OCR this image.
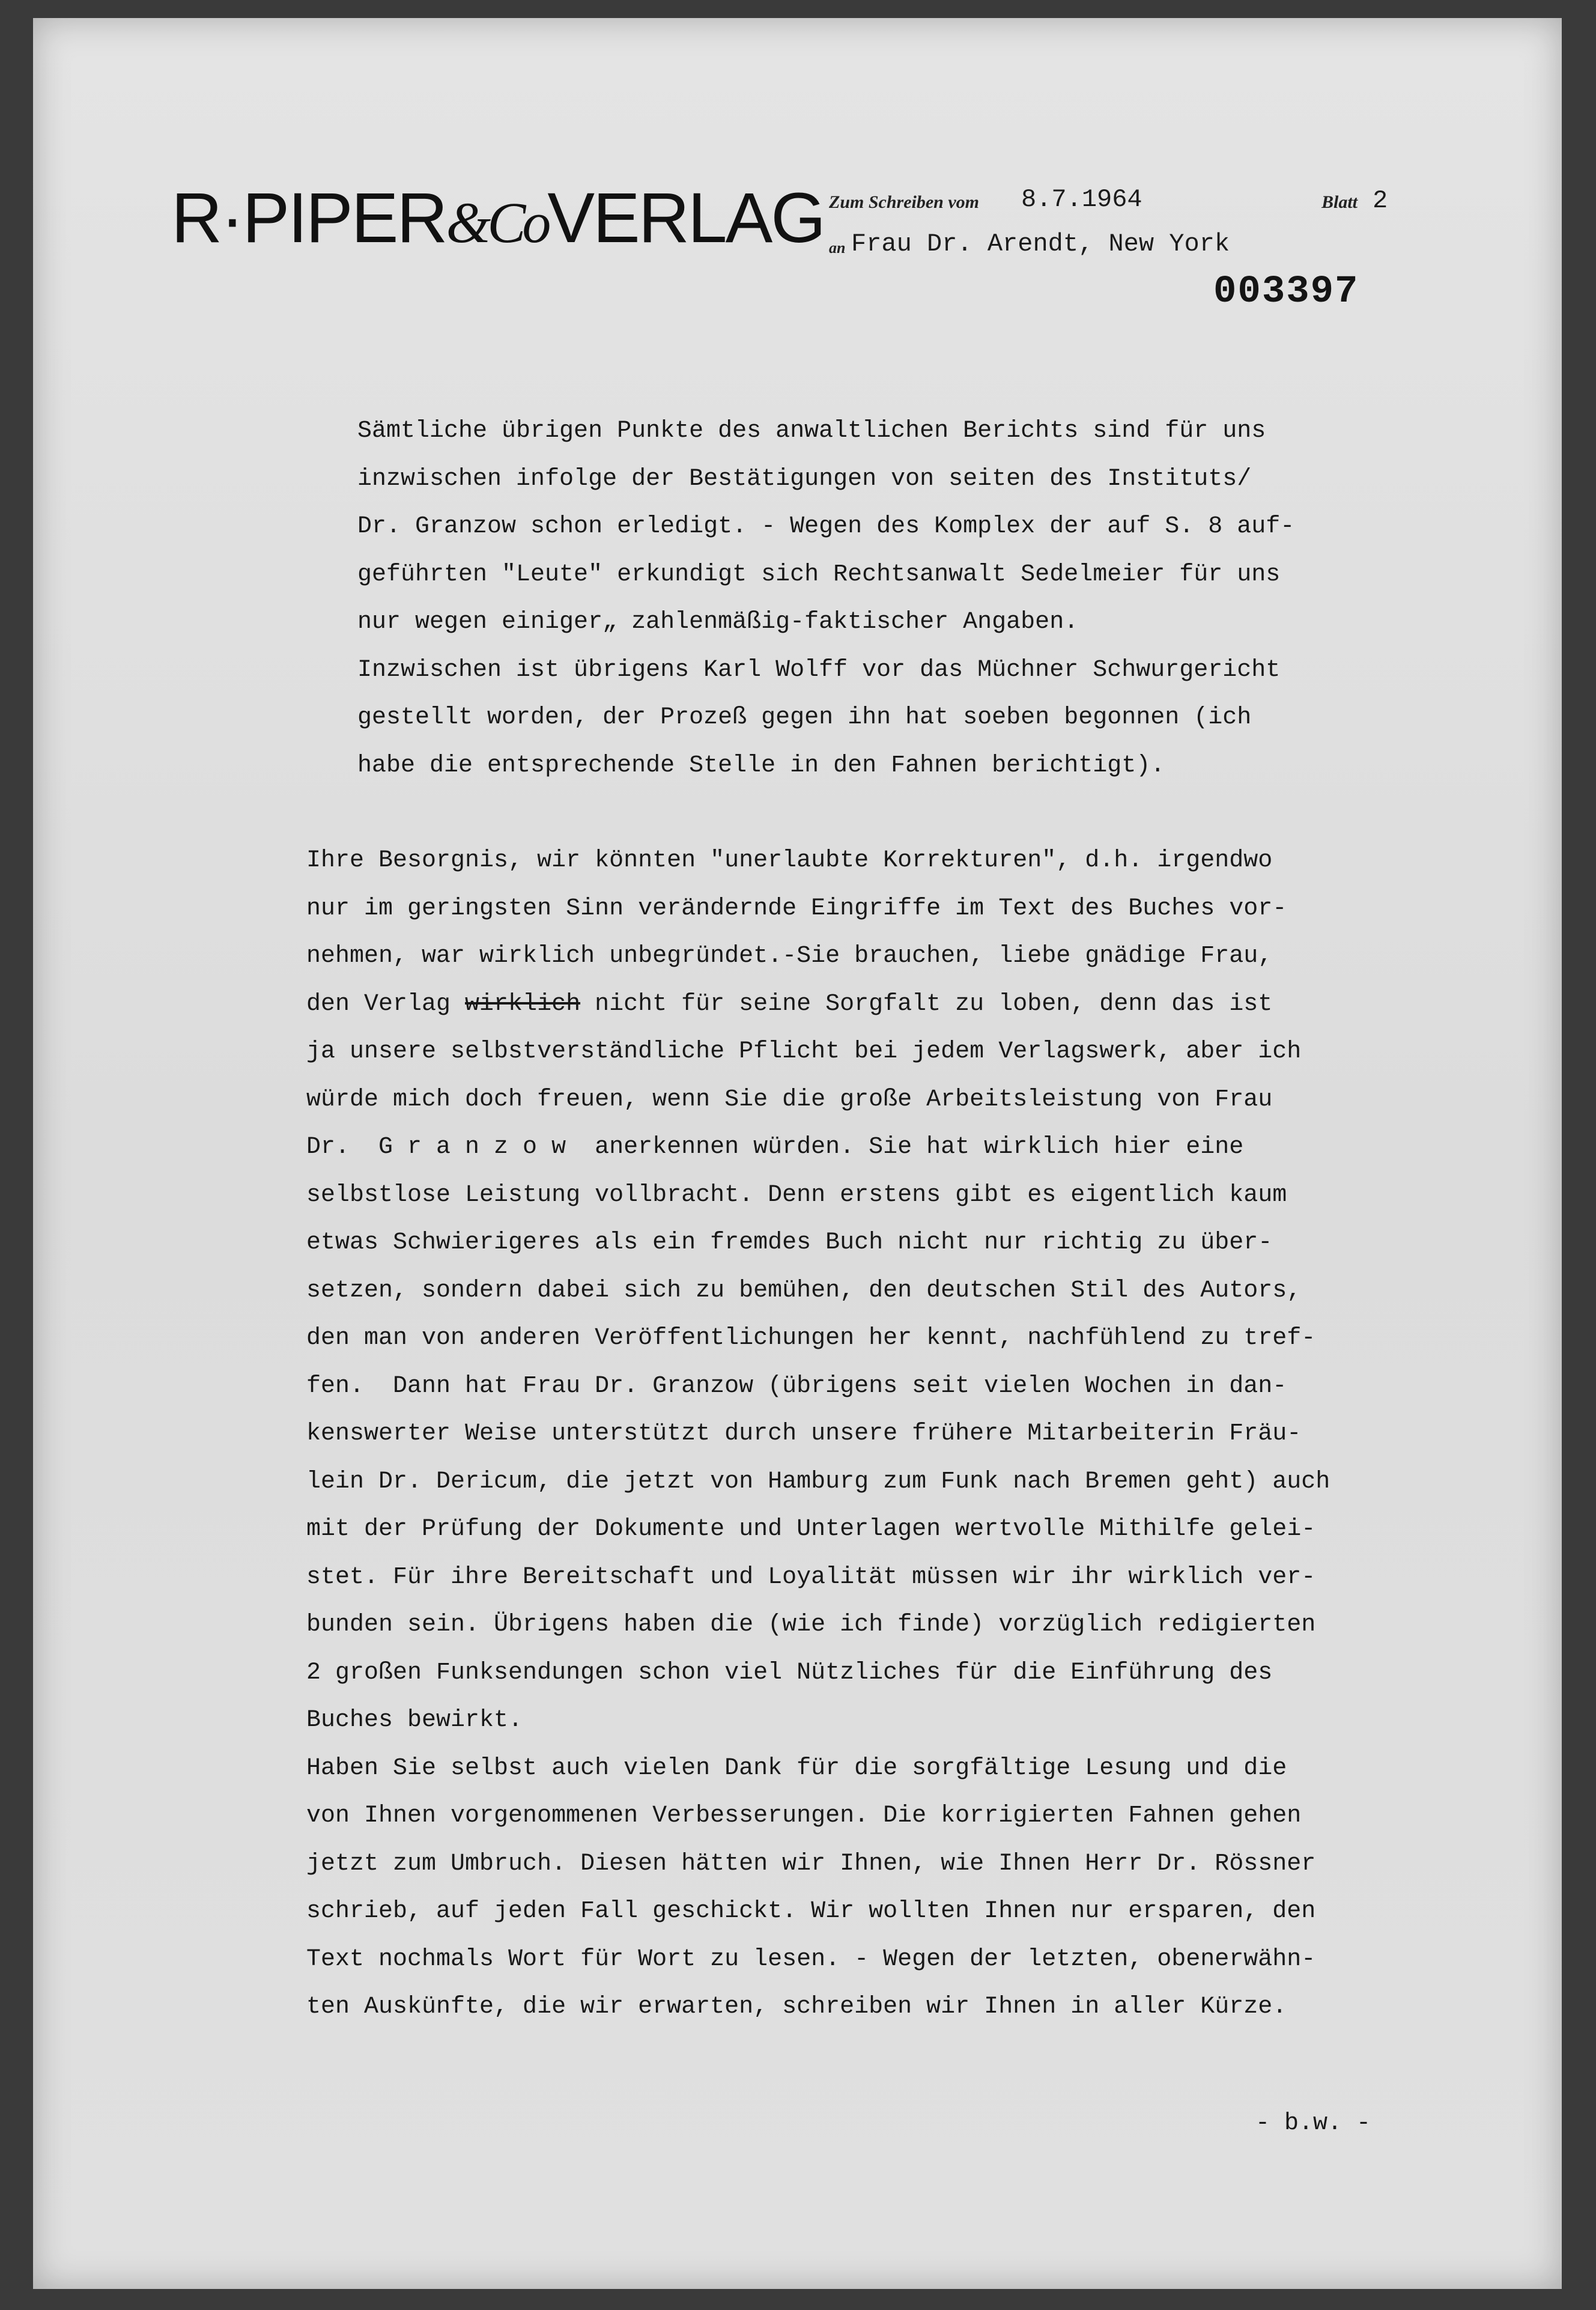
R·PIPER&CoVERLAG Zum Schreiben vom 8.7.1964	Blatt 2
an Frau Dr. Arendt, New York
003397
Sämtliche übrigen Punkte des anwaltlichen Berichts sind für uns
inzwischen infolge der Bestätigungen von seiten des Instituts/
Dr. Granzow schon erledigt. - Wegen des Komplex der auf S. 8 auf-
geführten "Leute" erkundigt sich Rechtsanwalt Sedelmeier für uns
nur wegen einiger„ zahlenmäßig-faktischer Angaben.
Inzwischen ist übrigens Karl Wolff vor das Müchner Schwurgericht
gestellt worden, der Prozeß gegen ihn hat soeben begonnen (ich
habe die entsprechende Stelle in den Fahnen berichtigt).
Ihre Besorgnis, wir könnten "unerlaubte Korrekturen", d.h. irgendwo
nur im geringsten Sinn verändernde Eingriffe im Text des Buches vor-
nehmen, war wirklich unbegründet.-Sie brauchen, liebe gnädige Frau,
den Verlag wirklich nicht für seine Sorgfalt zu loben, denn das ist
ja unsere selbstverständliche Pflicht bei jedem Verlagswerk, aber ich
würde mich doch freuen, wenn Sie die große Arbeitsleistung von Frau
Dr.  G r a n z o w  anerkennen würden. Sie hat wirklich hier eine
selbstlose Leistung vollbracht. Denn erstens gibt es eigentlich kaum
etwas Schwierigeres als ein fremdes Buch nicht nur richtig zu über-
setzen, sondern dabei sich zu bemühen, den deutschen Stil des Autors,
den man von anderen Veröffentlichungen her kennt, nachfühlend zu tref-
fen.  Dann hat Frau Dr. Granzow (übrigens seit vielen Wochen in dan-
kenswerter Weise unterstützt durch unsere frühere Mitarbeiterin Fräu-
lein Dr. Dericum, die jetzt von Hamburg zum Funk nach Bremen geht) auch
mit der Prüfung der Dokumente und Unterlagen wertvolle Mithilfe gelei-
stet. Für ihre Bereitschaft und Loyalität müssen wir ihr wirklich ver-
bunden sein. Übrigens haben die (wie ich finde) vorzüglich redigierten
2 großen Funksendungen schon viel Nützliches für die Einführung des
Buches bewirkt.
Haben Sie selbst auch vielen Dank für die sorgfältige Lesung und die
von Ihnen vorgenommenen Verbesserungen. Die korrigierten Fahnen gehen
jetzt zum Umbruch. Diesen hätten wir Ihnen, wie Ihnen Herr Dr. Rössner
schrieb, auf jeden Fall geschickt. Wir wollten Ihnen nur ersparen, den
Text nochmals Wort für Wort zu lesen. - Wegen der letzten, obenerwähn-
ten Auskünfte, die wir erwarten, schreiben wir Ihnen in aller Kürze.
- b.w. -
